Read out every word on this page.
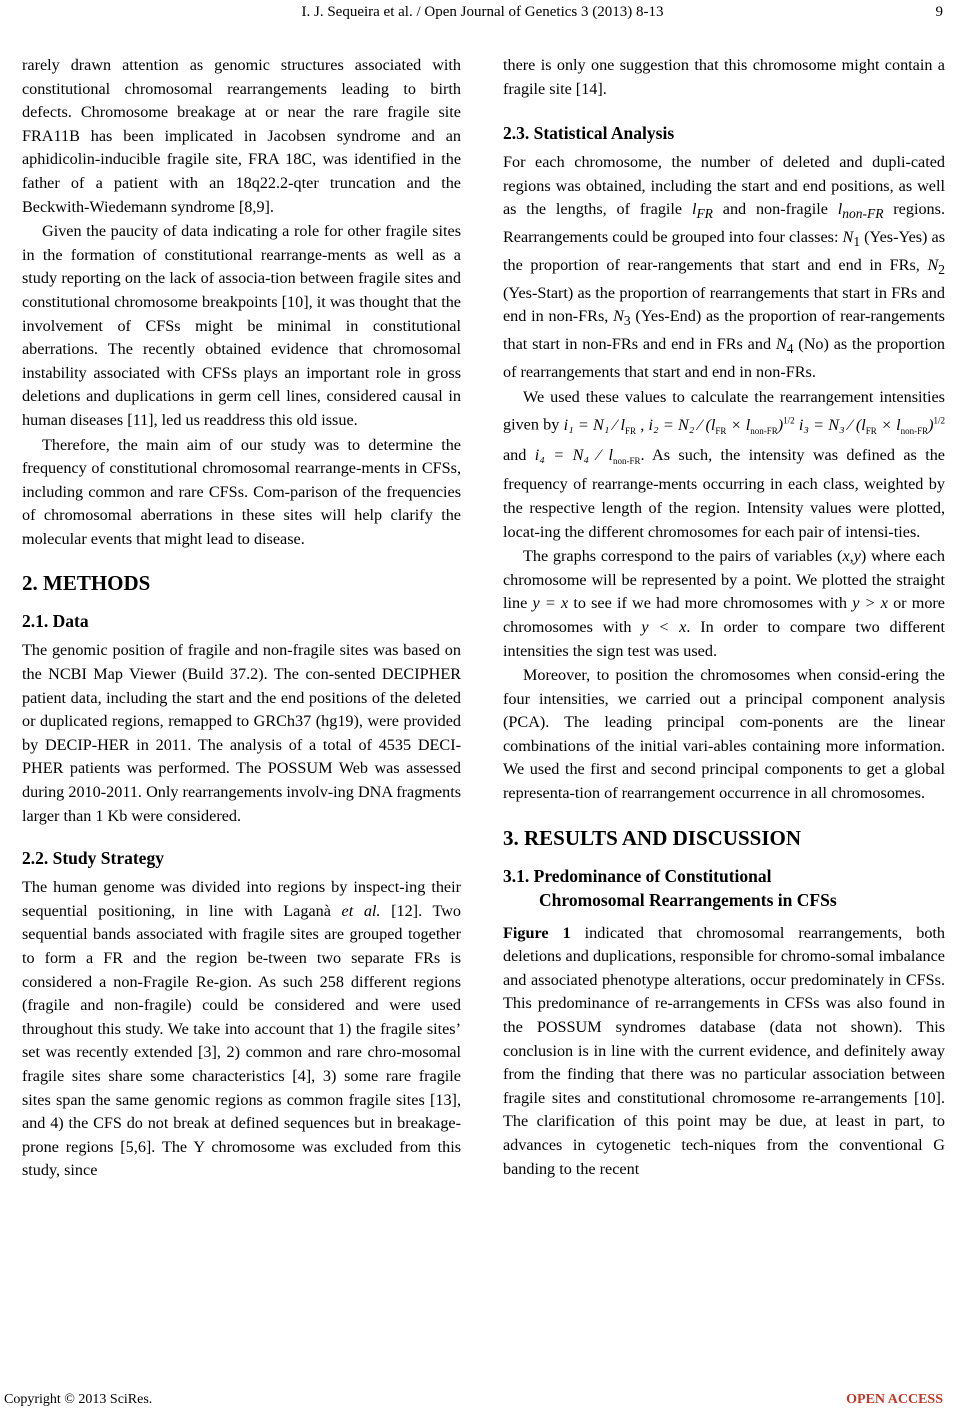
I. J. Sequeira et al. / Open Journal of Genetics 3 (2013) 8-13	9

rarely drawn attention as genomic structures associated with constitutional chromosomal rearrangements leading to birth defects. Chromosome breakage at or near the rare fragile site FRA11B has been implicated in Jacobsen syndrome and an aphidicolin-inducible fragile site, FRA 18C, was identified in the father of a patient with an 18q22.2-qter truncation and the Beckwith-Wiedemann syndrome [8,9].

Given the paucity of data indicating a role for other fragile sites in the formation of constitutional rearrange-ments as well as a study reporting on the lack of associa-tion between fragile sites and constitutional chromosome breakpoints [10], it was thought that the involvement of CFSs might be minimal in constitutional aberrations. The recently obtained evidence that chromosomal instability associated with CFSs plays an important role in gross deletions and duplications in germ cell lines, considered causal in human diseases [11], led us readdress this old issue.

Therefore, the main aim of our study was to determine the frequency of constitutional chromosomal rearrange-ments in CFSs, including common and rare CFSs. Com-parison of the frequencies of chromosomal aberrations in these sites will help clarify the molecular events that might lead to disease.

2. METHODS
2.1. Data

The genomic position of fragile and non-fragile sites was based on the NCBI Map Viewer (Build 37.2). The con-sented DECIPHER patient data, including the start and the end positions of the deleted or duplicated regions, remapped to GRCh37 (hg19), were provided by DECIP-HER in 2011. The analysis of a total of 4535 DECI-PHER patients was performed. The POSSUM Web was assessed during 2010-2011. Only rearrangements involv-ing DNA fragments larger than 1 Kb were considered.

2.2. Study Strategy

The human genome was divided into regions by inspect-ing their sequential positioning, in line with Laganà et al. [12]. Two sequential bands associated with fragile sites are grouped together to form a FR and the region be-tween two separate FRs is considered a non-Fragile Re-gion. As such 258 different regions (fragile and non-fragile) could be considered and were used throughout this study. We take into account that 1) the fragile sites’ set was recently extended [3], 2) common and rare chro-mosomal fragile sites share some characteristics [4], 3) some rare fragile sites span the same genomic regions as common fragile sites [13], and 4) the CFS do not break at defined sequences but in breakage-prone regions [5,6]. The Y chromosome was excluded from this study, since

there is only one suggestion that this chromosome might contain a fragile site [14].

2.3. Statistical Analysis

For each chromosome, the number of deleted and dupli-cated regions was obtained, including the start and end positions, as well as the lengths, of fragile $l_{FR}$ and non-fragile $l_{non-FR}$ regions. Rearrangements could be grouped into four classes: $N_1$ (Yes-Yes) as the proportion of rear-rangements that start and end in FRs, $N_2$ (Yes-Start) as the proportion of rearrangements that start in FRs and end in non-FRs, $N_3$ (Yes-End) as the proportion of rear-rangements that start in non-FRs and end in FRs and $N_4$ (No) as the proportion of rearrangements that start and end in non-FRs.

We used these values to calculate the rearrangement intensities given by i₁ = N₁ ⁄ $l_{FR}$ , i₂ = N₂ ⁄ $(l_{FR} \times l_{non-FR})^{1/2}$ i₃ = N₃ ⁄ $(l_{FR} \times l_{non-FR})^{1/2}$ and i₄ = N₄ ⁄ $l_{non-FR}$. As such, the intensity was defined as the frequency of rearrange-ments occurring in each class, weighted by the respective length of the region. Intensity values were plotted, locat-ing the different chromosomes for each pair of intensi-ties.

The graphs correspond to the pairs of variables (x,y) where each chromosome will be represented by a point. We plotted the straight line y = x to see if we had more chromosomes with y > x or more chromosomes with y < x. In order to compare two different intensities the sign test was used.

Moreover, to position the chromosomes when consid-ering the four intensities, we carried out a principal component analysis (PCA). The leading principal com-ponents are the linear combinations of the initial vari-ables containing more information. We used the first and second principal components to get a global representa-tion of rearrangement occurrence in all chromosomes.

3. RESULTS AND DISCUSSION
3.1. Predominance of Constitutional
Chromosomal Rearrangements in CFSs

Figure 1 indicated that chromosomal rearrangements, both deletions and duplications, responsible for chromo-somal imbalance and associated phenotype alterations, occur predominately in CFSs. This predominance of re-arrangements in CFSs was also found in the POSSUM syndromes database (data not shown). This conclusion is in line with the current evidence, and definitely away from the finding that there was no particular association between fragile sites and constitutional chromosome re-arrangements [10]. The clarification of this point may be due, at least in part, to advances in cytogenetic tech-niques from the conventional G banding to the recent

Copyright © 2013 SciRes.	OPEN ACCESS
